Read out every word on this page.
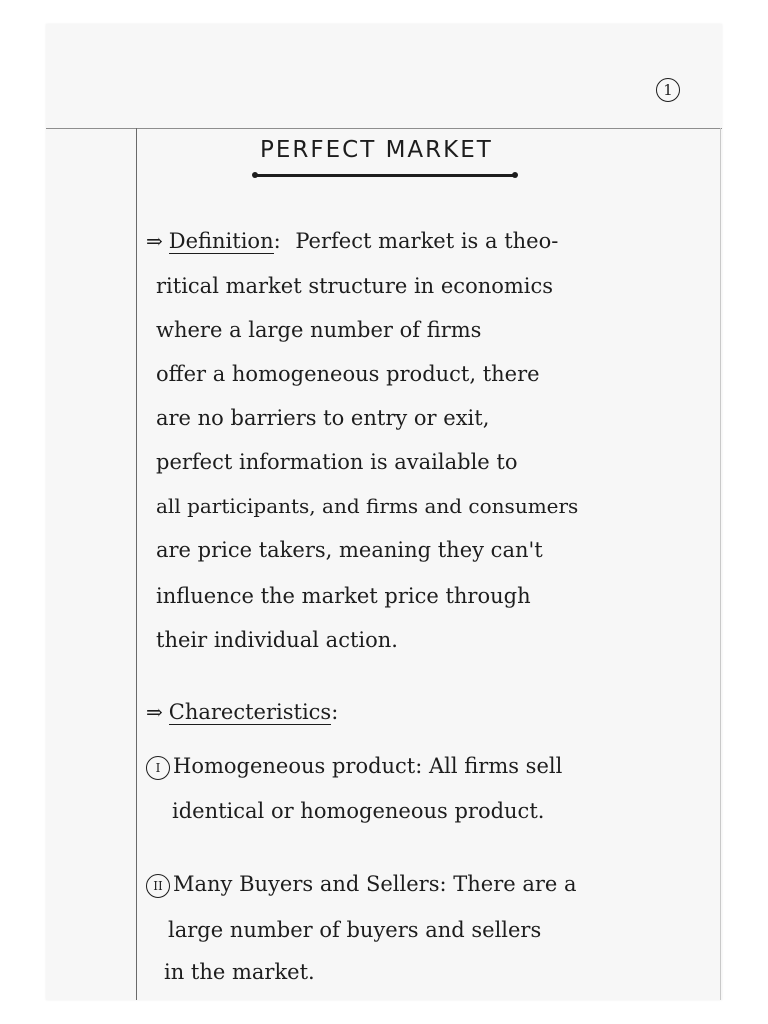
1
PERFECT MARKET
⇒ Definition: Perfect market is a theo-
ritical market structure in economics
where a large number of firms
offer a homogeneous product, there
are no barriers to entry or exit,
perfect information is available to
all participants, and firms and consumers
are price takers, meaning they can't
influence the market price through
their individual action.
⇒ Charecteristics:
I Homogeneous product: All firms sell
identical or homogeneous product.
II Many Buyers and Sellers: There are a
large number of buyers and sellers
in the market.
